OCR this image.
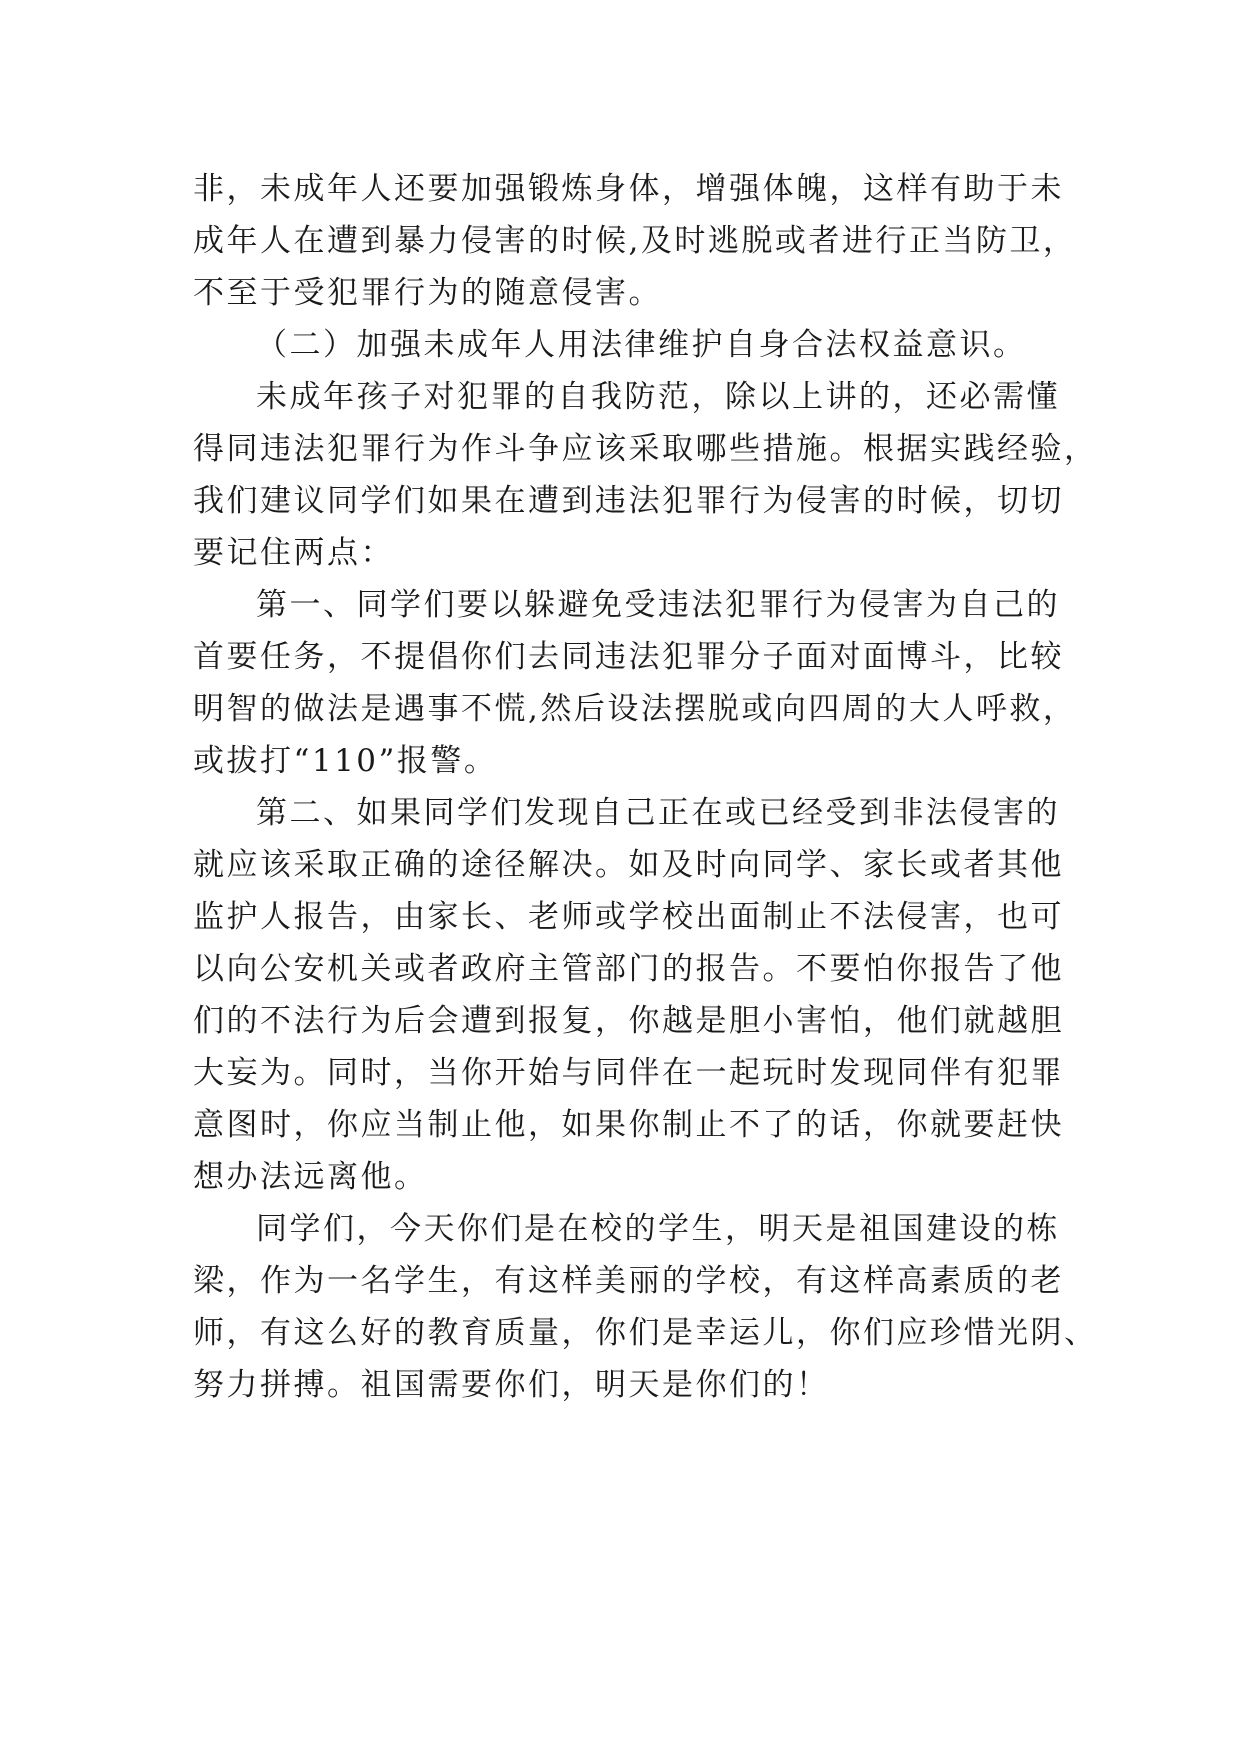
非，未成年人还要加强锻炼身体，增强体魄，这样有助于未
成年人在遭到暴力侵害的时候,及时逃脱或者进行正当防卫，
不至于受犯罪行为的随意侵害。
（二）加强未成年人用法律维护自身合法权益意识。
未成年孩子对犯罪的自我防范，除以上讲的，还必需懂
得同违法犯罪行为作斗争应该采取哪些措施。根据实践经验，
我们建议同学们如果在遭到违法犯罪行为侵害的时候，切切
要记住两点：
第一、同学们要以躲避免受违法犯罪行为侵害为自己的
首要任务，不提倡你们去同违法犯罪分子面对面博斗，比较
明智的做法是遇事不慌,然后设法摆脱或向四周的大人呼救，
或拔打“110”报警。
第二、如果同学们发现自己正在或已经受到非法侵害的
就应该采取正确的途径解决。如及时向同学、家长或者其他
监护人报告，由家长、老师或学校出面制止不法侵害，也可
以向公安机关或者政府主管部门的报告。不要怕你报告了他
们的不法行为后会遭到报复，你越是胆小害怕，他们就越胆
大妄为。同时，当你开始与同伴在一起玩时发现同伴有犯罪
意图时，你应当制止他，如果你制止不了的话，你就要赶快
想办法远离他。
同学们，今天你们是在校的学生，明天是祖国建设的栋
梁，作为一名学生，有这样美丽的学校，有这样高素质的老
师，有这么好的教育质量，你们是幸运儿，你们应珍惜光阴、
努力拼搏。祖国需要你们，明天是你们的！
